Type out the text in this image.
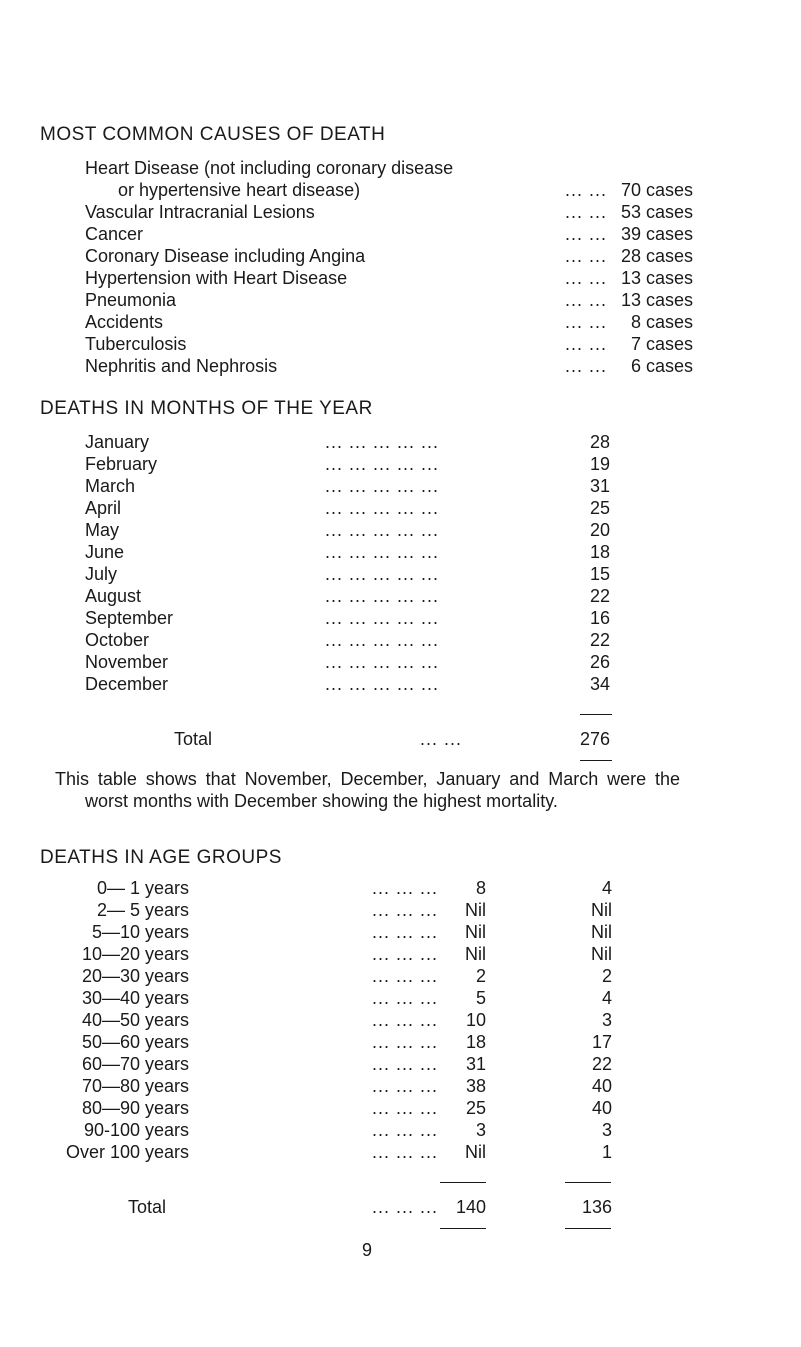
MOST COMMON CAUSES OF DEATH
Heart Disease (not including coronary disease
or hypertensive heart disease)	... ... 70 cases
Vascular Intracranial Lesions	... ... 53 cases
Cancer	... ... 39 cases
Coronary Disease including Angina	... ... 28 cases
Hypertension with Heart Disease	... ... 13 cases
Pneumonia	... ... 13 cases
Accidents	... ... 8 cases
Tuberculosis	... ... 7 cases
Nephritis and Nephrosis	... ... 6 cases
DEATHS IN MONTHS OF THE YEAR
January	... ... ... ... ...	28
February	... ... ... ... ...	19
March	... ... ... ... ...	31
April	... ... ... ... ...	25
May	... ... ... ... ...	20
June	... ... ... ... ...	18
July	... ... ... ... ...	15
August	... ... ... ... ...	22
September	... ... ... ... ...	16
October	... ... ... ... ...	22
November	... ... ... ... ...	26
December	... ... ... ... ...	34
Total	... ...	276

This table shows that November, December, January and March were the worst months with December showing the highest mortality.

DEATHS IN AGE GROUPS
0— 1 years	... ... ...	8	4
2— 5 years	... ... ...	Nil	Nil
5—10 years	... ... ...	Nil	Nil
10—20 years	... ... ...	Nil	Nil
20—30 years	... ... ...	2	2
30—40 years	... ... ...	5	4
40—50 years	... ... ...	10	3
50—60 years	... ... ...	18	17
60—70 years	... ... ...	31	22
70—80 years	... ... ...	38	40
80—90 years	... ... ...	25	40
90-100 years	... ... ...	3	3
Over 100 years	... ... ...	Nil	1
Total	... ... ... 140	136
9
